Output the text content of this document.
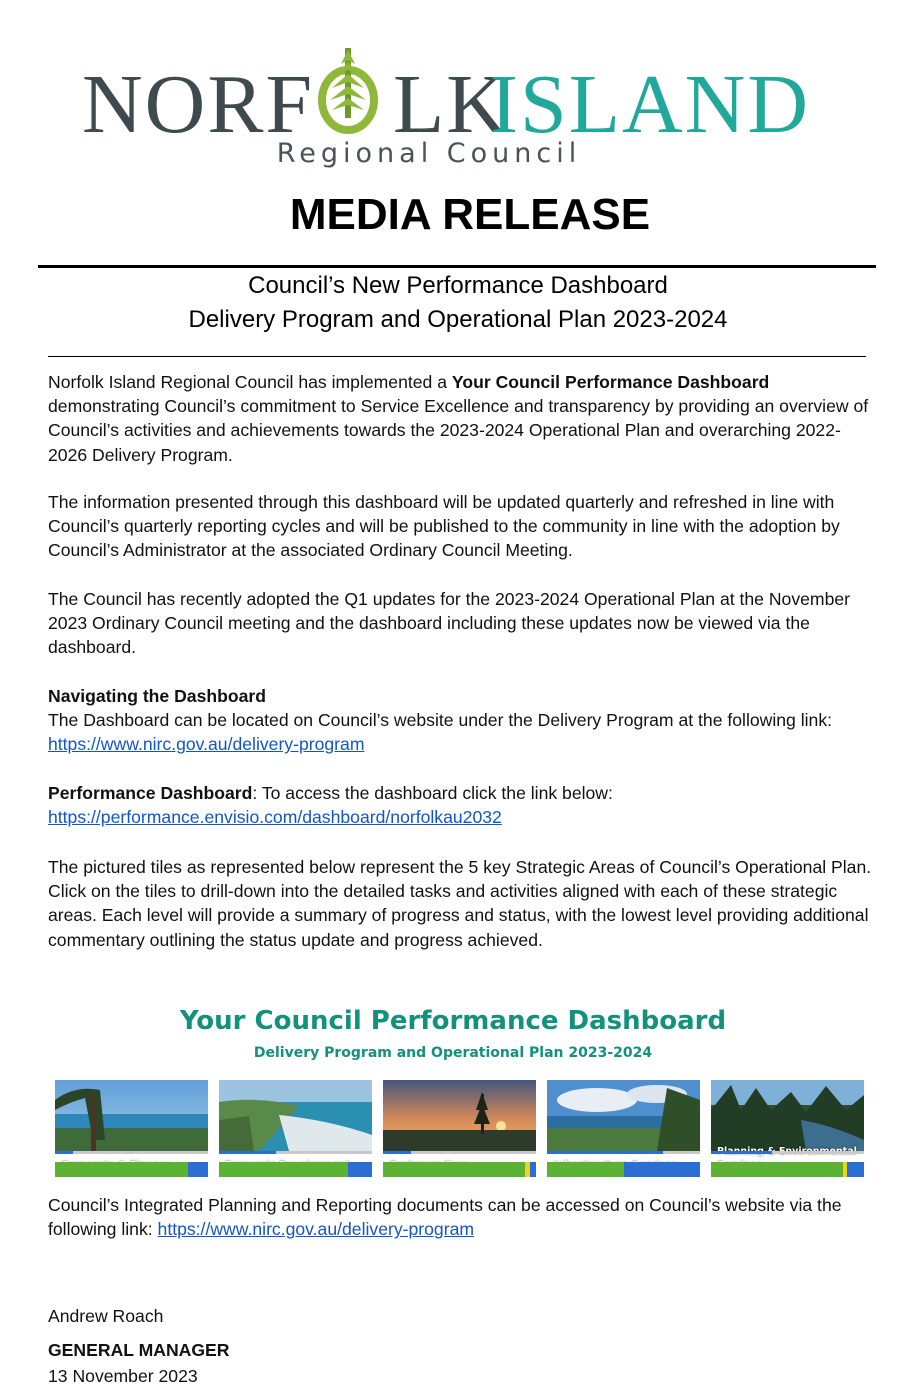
NORF LK
ISLAND
Regional Council
MEDIA RELEASE
Council’s New Performance Dashboard
Delivery Program and Operational Plan 2023-2024

Norfolk Island Regional Council has implemented a Your Council Performance Dashboard demonstrating Council’s commitment to Service Excellence and transparency by providing an overview of Council’s activities and achievements towards the 2023-2024 Operational Plan and overarching 2022-2026 Delivery Program.

The information presented through this dashboard will be updated quarterly and refreshed in line with Council’s quarterly reporting cycles and will be published to the community in line with the adoption by Council’s Administrator at the associated Ordinary Council Meeting.

The Council has recently adopted the Q1 updates for the 2023-2024 Operational Plan at the November 2023 Ordinary Council meeting and the dashboard including these updates now be viewed via the dashboard.

Navigating the Dashboard
The Dashboard can be located on Council’s website under the Delivery Program at the following link:
https://www.nirc.gov.au/delivery-program

Performance Dashboard: To access the dashboard click the link below:
https://performance.envisio.com/dashboard/norfolkau2032

The pictured tiles as represented below represent the 5 key Strategic Areas of Council’s Operational Plan. Click on the tiles to drill-down into the detailed tasks and activities aligned with each of these strategic areas. Each level will provide a summary of progress and status, with the lowest level providing additional commentary outlining the status update and progress achieved.

Your Council Performance Dashboard
Delivery Program and Operational Plan 2023-2024

Council’s Integrated Planning and Reporting documents can be accessed on Council’s website via the following link: https://www.nirc.gov.au/delivery-program

Andrew Roach
GENERAL MANAGER
13 November 2023
